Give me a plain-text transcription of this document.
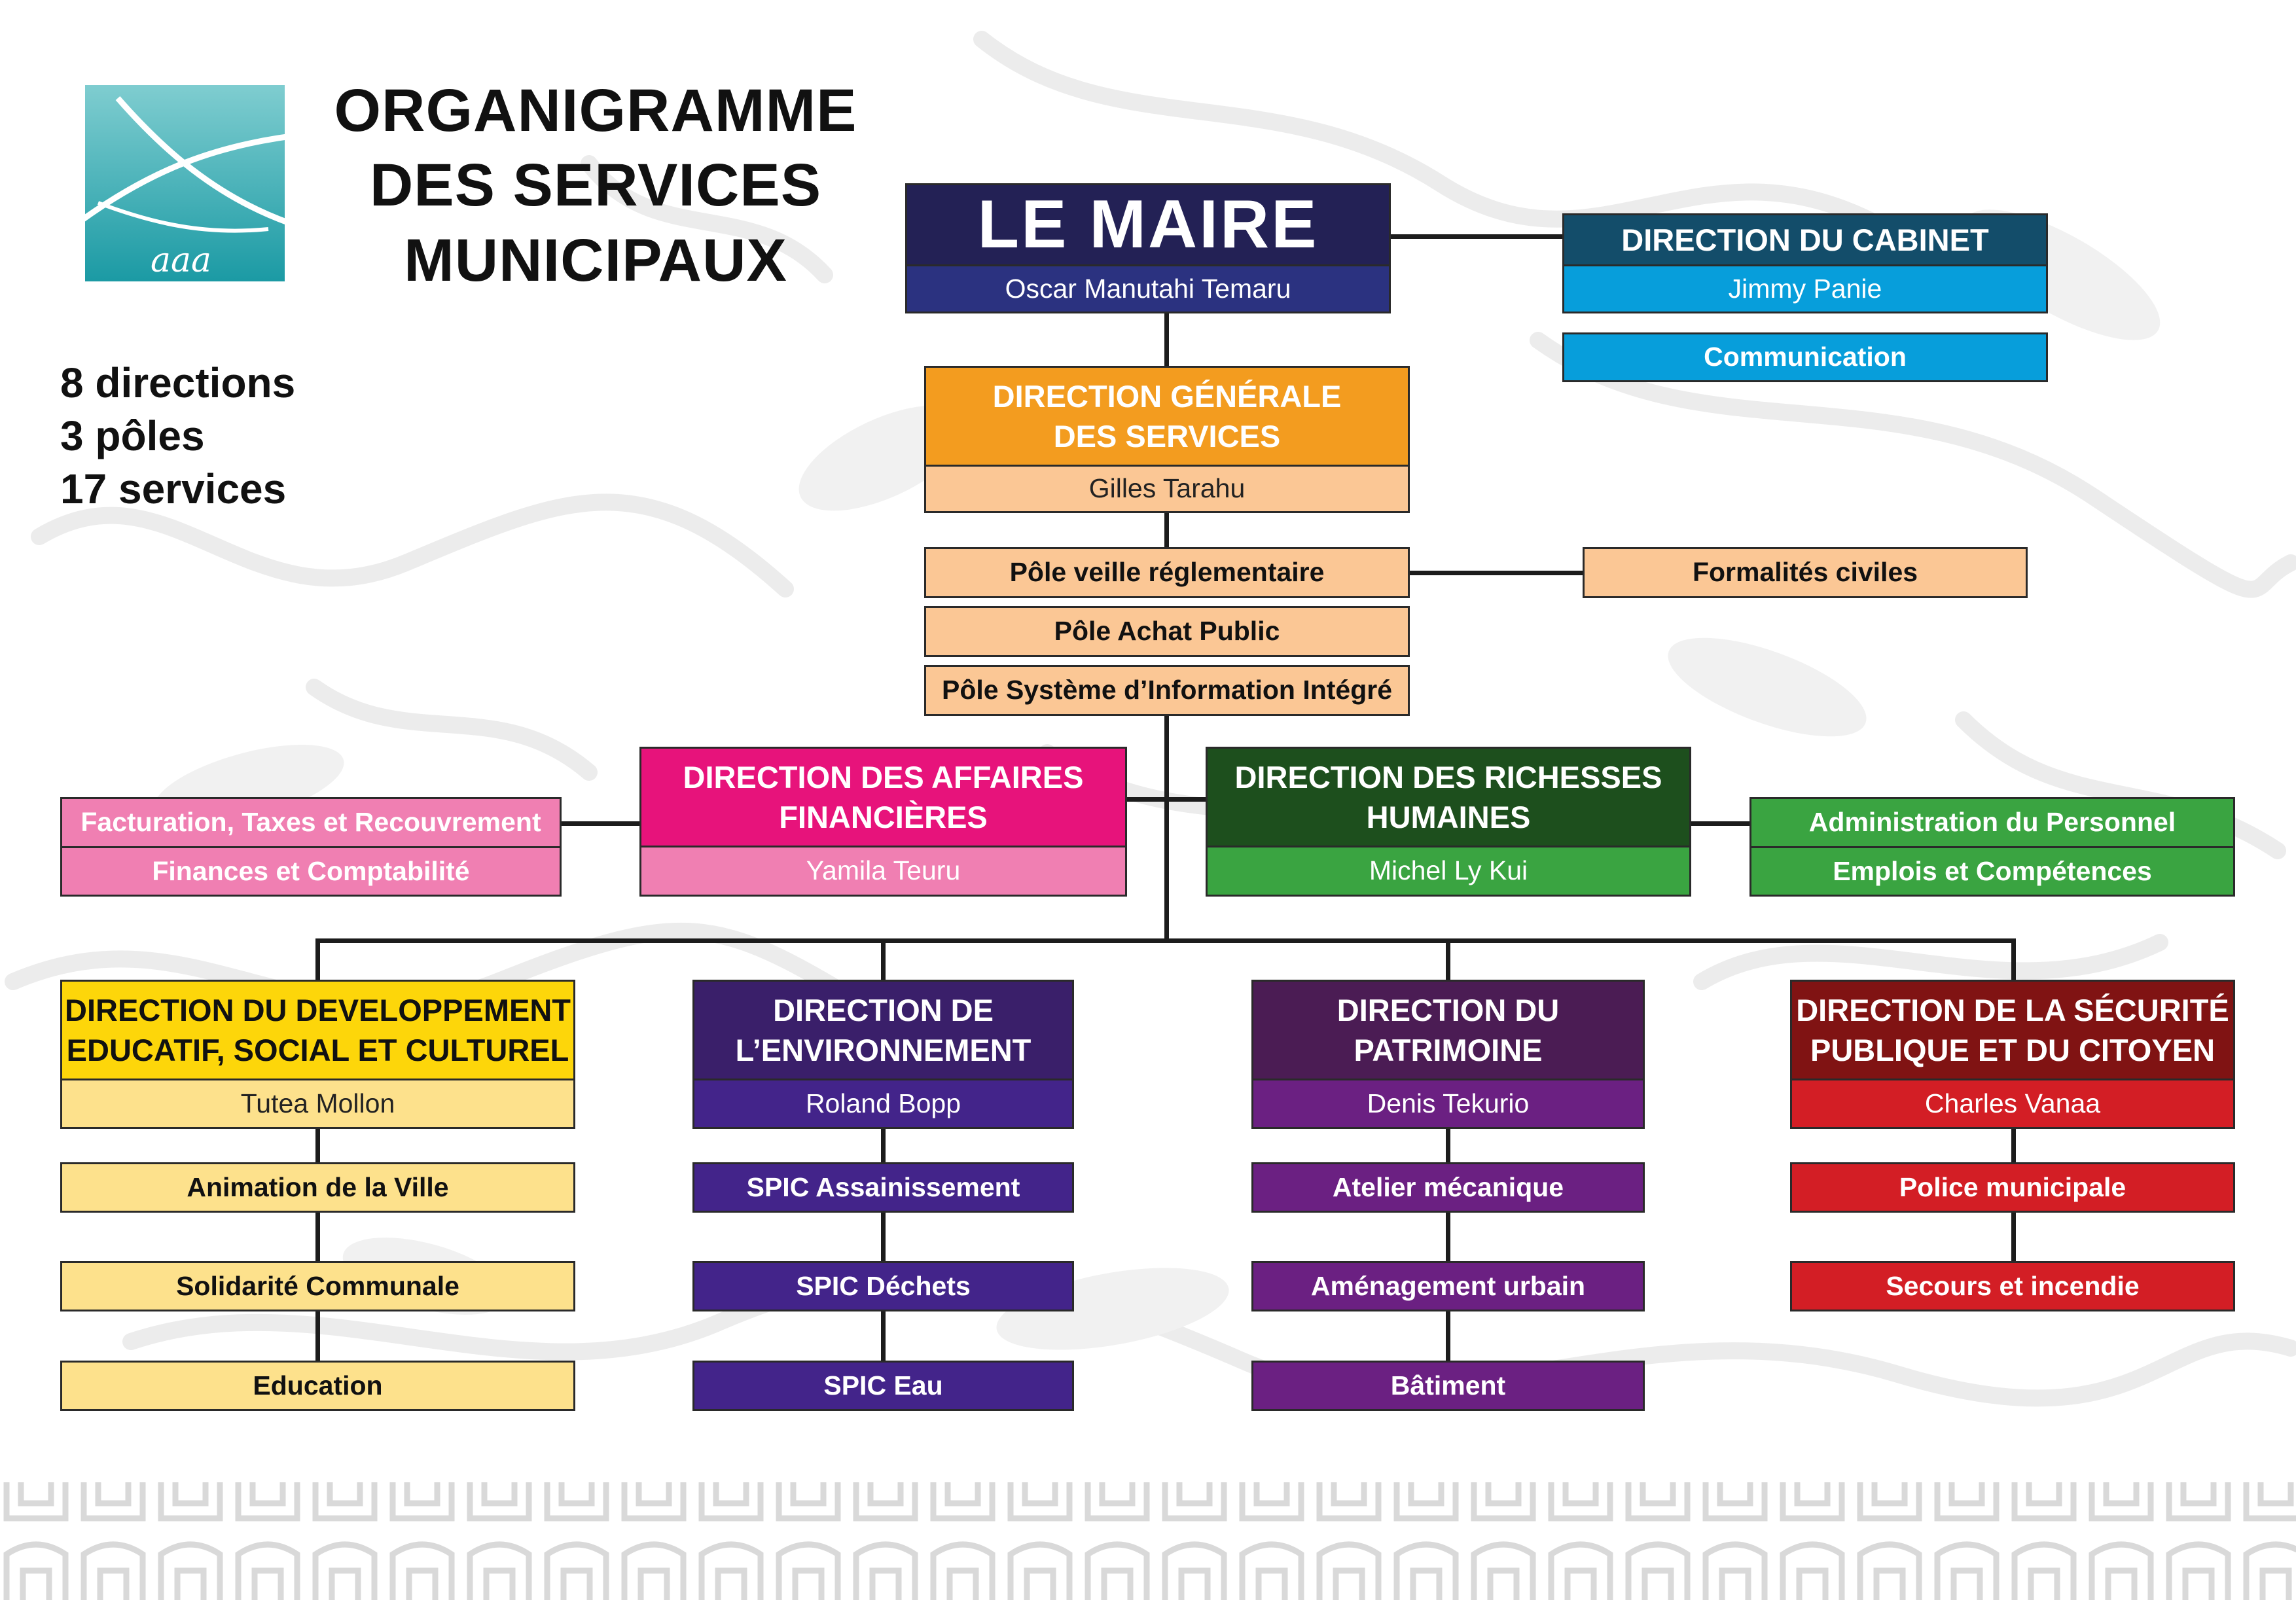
aaa
ORGANIGRAMME
DES SERVICES
MUNICIPAUX
8 directions
3 pôles
17 services
LE MAIRE
Oscar Manutahi Temaru
DIRECTION DU CABINET
Jimmy Panie
Communication
DIRECTION GÉNÉRALE
DES SERVICES
Gilles Tarahu
Pôle veille réglementaire
Pôle Achat Public
Pôle Système d’Information Intégré
Formalités civiles
DIRECTION DES AFFAIRES
FINANCIÈRES
Yamila Teuru
Facturation, Taxes et Recouvrement
Finances et Comptabilité
DIRECTION DES RICHESSES
HUMAINES
Michel Ly Kui
Administration du Personnel
Emplois et Compétences
DIRECTION DU DEVELOPPEMENT
EDUCATIF, SOCIAL ET CULTUREL
Tutea Mollon
Animation de la Ville
Solidarité Communale
Education
DIRECTION DE
L’ENVIRONNEMENT
Roland Bopp
SPIC Assainissement
SPIC Déchets
SPIC Eau
DIRECTION DU
PATRIMOINE
Denis Tekurio
Atelier mécanique
Aménagement urbain
Bâtiment
DIRECTION DE LA SÉCURITÉ
PUBLIQUE ET DU CITOYEN
Charles Vanaa
Police municipale
Secours et incendie
